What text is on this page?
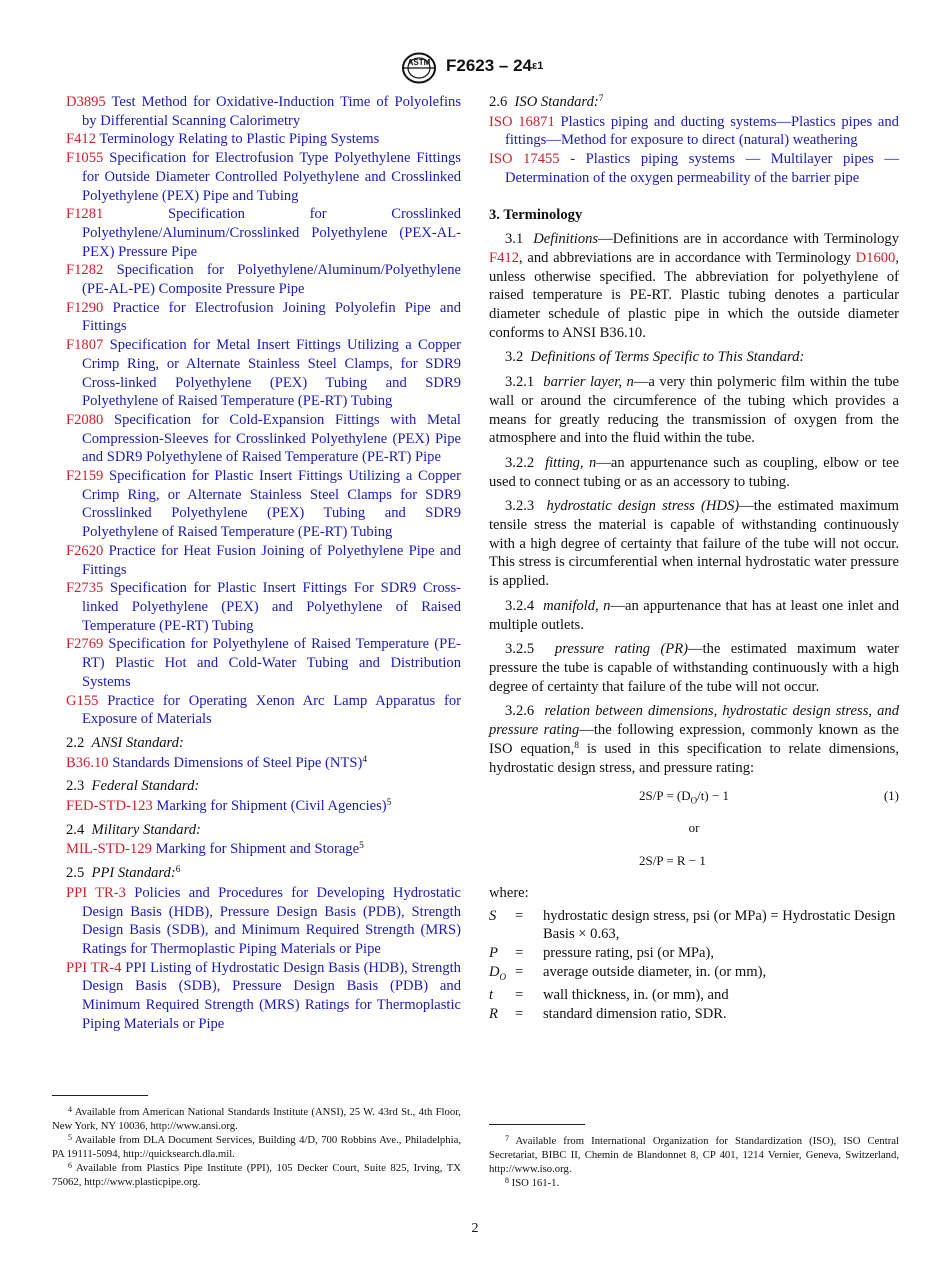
ASTM $F2623 - 24^{\varepsilon 1}$
D3895 Test Method for Oxidative-Induction Time of Polyolefins by Differential Scanning Calorimetry
F412 Terminology Relating to Plastic Piping Systems
F1055 Specification for Electrofusion Type Polyethylene Fittings for Outside Diameter Controlled Polyethylene and Crosslinked Polyethylene (PEX) Pipe and Tubing
F1281	Specification for Crosslinked Polyethylene/Aluminum/Crosslinked Polyethylene (PEX-AL-PEX) Pressure Pipe
F1282 Specification for Polyethylene/Aluminum/Polyethylene (PE-AL-PE) Composite Pressure Pipe
F1290 Practice for Electrofusion Joining Polyolefin Pipe and Fittings
F1807 Specification for Metal Insert Fittings Utilizing a Copper Crimp Ring, or Alternate Stainless Steel Clamps, for SDR9 Cross-linked Polyethylene (PEX) Tubing and SDR9 Polyethylene of Raised Temperature (PE-RT) Tubing
F2080 Specification for Cold-Expansion Fittings with Metal Compression-Sleeves for Crosslinked Polyethylene (PEX) Pipe and SDR9 Polyethylene of Raised Temperature (PE-RT) Pipe
F2159 Specification for Plastic Insert Fittings Utilizing a Copper Crimp Ring, or Alternate Stainless Steel Clamps for SDR9 Crosslinked Polyethylene (PEX) Tubing and SDR9 Polyethylene of Raised Temperature (PE-RT) Tubing
F2620 Practice for Heat Fusion Joining of Polyethylene Pipe and Fittings
F2735 Specification for Plastic Insert Fittings For SDR9 Cross-linked Polyethylene (PEX) and Polyethylene of Raised Temperature (PE-RT) Tubing
F2769 Specification for Polyethylene of Raised Temperature (PE-RT) Plastic Hot and Cold-Water Tubing and Distribution Systems
G155 Practice for Operating Xenon Arc Lamp Apparatus for Exposure of Materials
2.2 ANSI Standard:
B36.10 Standards Dimensions of Steel Pipe (NTS)$^4$
2.3 Federal Standard:
FED-STD-123 Marking for Shipment (Civil Agencies)$^5$
2.4 Military Standard:
MIL-STD-129 Marking for Shipment and Storage$^5$
2.5 PPI Standard:$^6$
PPI TR-3 Policies and Procedures for Developing Hydrostatic Design Basis (HDB), Pressure Design Basis (PDB), Strength Design Basis (SDB), and Minimum Required Strength (MRS) Ratings for Thermoplastic Piping Materials or Pipe
PPI TR-4 PPI Listing of Hydrostatic Design Basis (HDB), Strength Design Basis (SDB), Pressure Design Basis (PDB) and Minimum Required Strength (MRS) Ratings for Thermoplastic Piping Materials or Pipe
2.6 ISO Standard:$^7$
ISO 16871 Plastics piping and ducting systems—Plastics pipes and fittings—Method for exposure to direct (natural) weathering
ISO 17455 - Plastics piping systems — Multilayer pipes — Determination of the oxygen permeability of the barrier pipe
3. Terminology

3.1 Definitions—Definitions are in accordance with Terminology F412, and abbreviations are in accordance with Terminology D1600, unless otherwise specified. The abbreviation for polyethylene of raised temperature is PE-RT. Plastic tubing denotes a particular diameter schedule of plastic pipe in which the outside diameter conforms to ANSI B36.10.

3.2 Definitions of Terms Specific to This Standard:

3.2.1 barrier layer, n—a very thin polymeric film within the tube wall or around the circumference of the tubing which provides a means for greatly reducing the transmission of oxygen from the atmosphere and into the fluid within the tube.

3.2.2 fitting, n—an appurtenance such as coupling, elbow or tee used to connect tubing or as an accessory to tubing.

3.2.3 hydrostatic design stress (HDS)—the estimated maximum tensile stress the material is capable of withstanding continuously with a high degree of certainty that failure of the tube will not occur. This stress is circumferential when internal hydrostatic water pressure is applied.

3.2.4 manifold, n—an appurtenance that has at least one inlet and multiple outlets.

3.2.5 pressure rating (PR)—the estimated maximum water pressure the tube is capable of withstanding continuously with a high degree of certainty that failure of the tube will not occur.

3.2.6 relation between dimensions, hydrostatic design stress, and pressure rating—the following expression, commonly known as the ISO equation,$^8$ is used in this specification to relate dimensions, hydrostatic design stress, and pressure rating:

$2S/P = (D_O/t) - 1$	(1)
or
2S/P = R − 1
where:
S	=	hydrostatic design stress, psi (or MPa) = Hydrostatic Design Basis × 0.63,
P	=	pressure rating, psi (or MPa),
$D_O$ =	average outside diameter, in. (or mm),
t	=	wall thickness, in. (or mm), and
R	=	standard dimension ratio, SDR.

$^4$ Available from American National Standards Institute (ANSI), 25 W. 43rd St., 4th Floor, New York, NY 10036, http://www.ansi.org.

$^5$ Available from DLA Document Services, Building 4/D, 700 Robbins Ave., Philadelphia, PA 19111-5094, http://quicksearch.dla.mil.

$^6$ Available from Plastics Pipe Institute (PPI), 105 Decker Court, Suite 825, Irving, TX 75062, http://www.plasticpipe.org.

$^7$ Available from International Organization for Standardization (ISO), ISO Central Secretariat, BIBC II, Chemin de Blandonnet 8, CP 401, 1214 Vernier, Geneva, Switzerland, http://www.iso.org.

$^8$ ISO 161-1.

2
